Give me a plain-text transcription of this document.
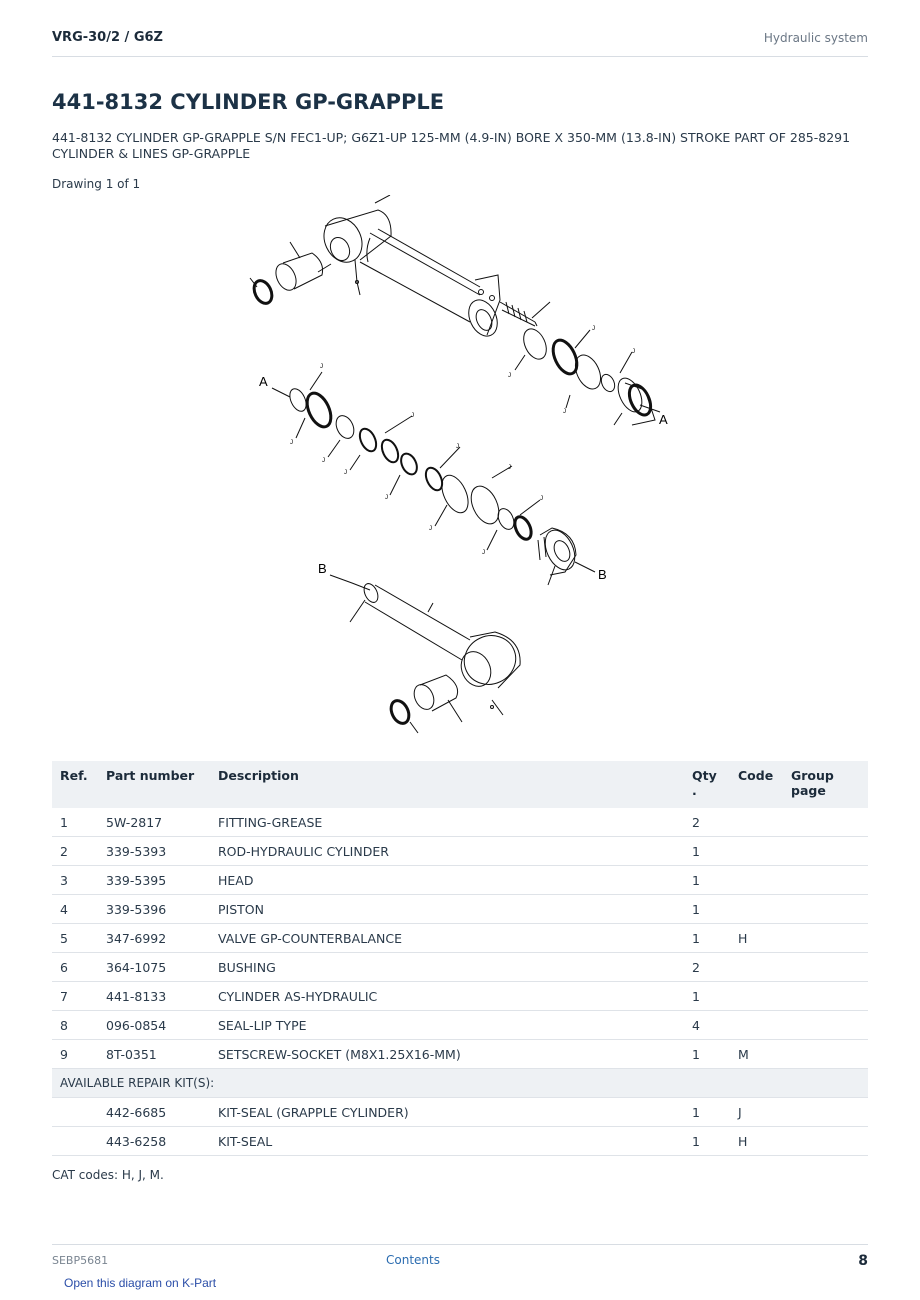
VRG-30/2 / G6Z	Hydraulic system
441-8132 CYLINDER GP-GRAPPLE
441-8132 CYLINDER GP-GRAPPLE S/N FEC1-UP; G6Z1-UP 125-MM (4.9-IN) BORE X 350-MM (13.8-IN) STROKE PART OF 285-8291 CYLINDER & LINES GP-GRAPPLE
Drawing 1 of 1
A
A
B	B
J
J
J
J
J
J
J
J
J
J
J
J
J
J
J
Ref.	Part number	Description	Qty .	Code	Group page
1	5W-2817	FITTING-GREASE	2		
2	339-5393	ROD-HYDRAULIC CYLINDER	1		
3	339-5395	HEAD	1		
4	339-5396	PISTON	1		
5	347-6992	VALVE GP-COUNTERBALANCE	1	H	
6	364-1075	BUSHING	2		
7	441-8133	CYLINDER AS-HYDRAULIC	1		
8	096-0854	SEAL-LIP TYPE	4		
9	8T-0351	SETSCREW-SOCKET (M8X1.25X16-MM)	1	M	
AVAILABLE REPAIR KIT(S):					
	442-6685	KIT-SEAL (GRAPPLE CYLINDER)	1	J	
	443-6258	KIT-SEAL	1	H	
CAT codes: H, J, M.
SEBP5681	Contents	8
Open this diagram on K-Part
